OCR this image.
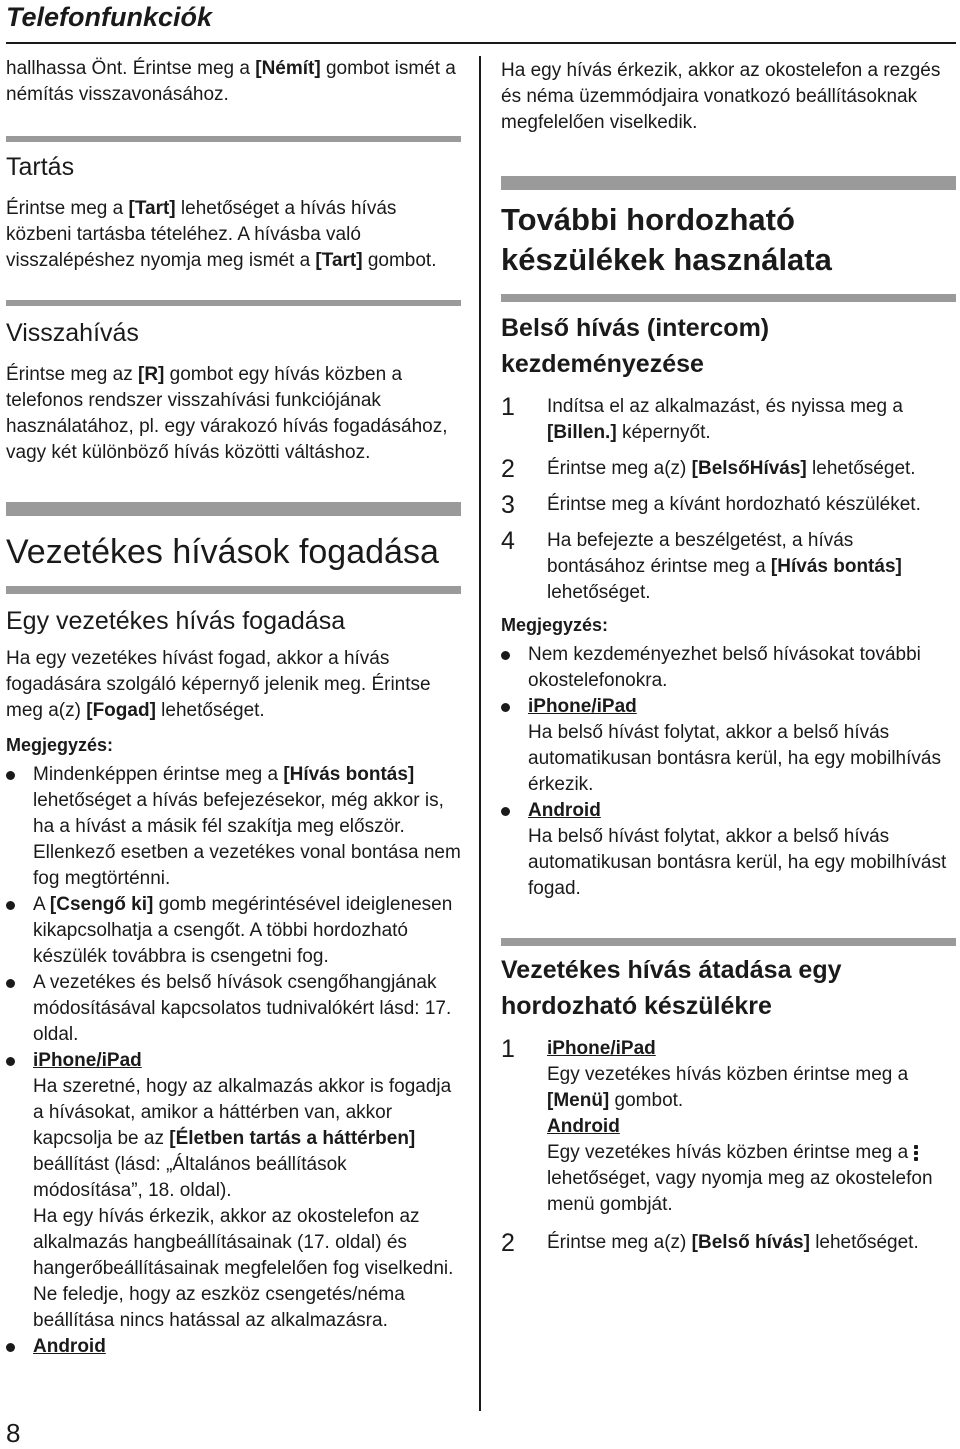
Telefonfunkciók

hallhassa Önt. Érintse meg a [Némít] gombot ismét a némítás visszavonásához.

Tartás

Érintse meg a [Tart] lehetőséget a hívás hívás közbeni tartásba tételéhez. A hívásba való visszalépéshez nyomja meg ismét a [Tart] gombot.

Visszahívás

Érintse meg az [R] gombot egy hívás közben a telefonos rendszer visszahívási funkciójának használatához, pl. egy várakozó hívás fogadásához, vagy két különböző hívás közötti váltáshoz.

Vezetékes hívások fogadása
Egy vezetékes hívás fogadása

Ha egy vezetékes hívást fogad, akkor a hívás fogadására szolgáló képernyő jelenik meg. Érintse meg a(z) [Fogad] lehetőséget.

Megjegyzés:
Mindenképpen érintse meg a [Hívás bontás] lehetőséget a hívás befejezésekor, még akkor is, ha a hívást a másik fél szakítja meg először. Ellenkező esetben a vezetékes vonal bontása nem fog megtörténni.
A [Csengő ki] gomb megérintésével ideiglenesen kikapcsolhatja a csengőt. A többi hordozható készülék továbbra is csengetni fog.
A vezetékes és belső hívások csengőhangjának módosításával kapcsolatos tudnivalókért lásd: 17. oldal.
iPhone/iPad
Ha szeretné, hogy az alkalmazás akkor is fogadja a hívásokat, amikor a háttérben van, akkor kapcsolja be az [Életben tartás a háttérben] beállítást (lásd: „Általános beállítások módosítása”, 18. oldal).
Ha egy hívás érkezik, akkor az okostelefon az alkalmazás hangbeállításainak (17. oldal) és hangerőbeállításainak megfelelően fog viselkedni. Ne feledje, hogy az eszköz csengetés/néma beállítása nincs hatással az alkalmazásra.
Android

Ha egy hívás érkezik, akkor az okostelefon a rezgés és néma üzemmódjaira vonatkozó beállításoknak megfelelően viselkedik.

További hordozható készülékek használata
Belső hívás (intercom) kezdeményezése
1 Indítsa el az alkalmazást, és nyissa meg a [Billen.] képernyőt.
2 Érintse meg a(z) [BelsőHívás] lehetőséget.
3 Érintse meg a kívánt hordozható készüléket.
4 Ha befejezte a beszélgetést, a hívás bontásához érintse meg a [Hívás bontás] lehetőséget.
Megjegyzés:
Nem kezdeményezhet belső hívásokat további okostelefonokra.
iPhone/iPad
Ha belső hívást folytat, akkor a belső hívás automatikusan bontásra kerül, ha egy mobilhívás érkezik.
Android
Ha belső hívást folytat, akkor a belső hívás automatikusan bontásra kerül, ha egy mobilhívást fogad.
Vezetékes hívás átadása egy hordozható készülékre
1 iPhone/iPad
Egy vezetékes hívás közben érintse meg a [Menü] gombot.
Android
Egy vezetékes hívás közben érintse meg a

lehetőséget, vagy nyomja meg az okostelefon menü gombját.
2 Érintse meg a(z) [Belső hívás] lehetőséget.
8
